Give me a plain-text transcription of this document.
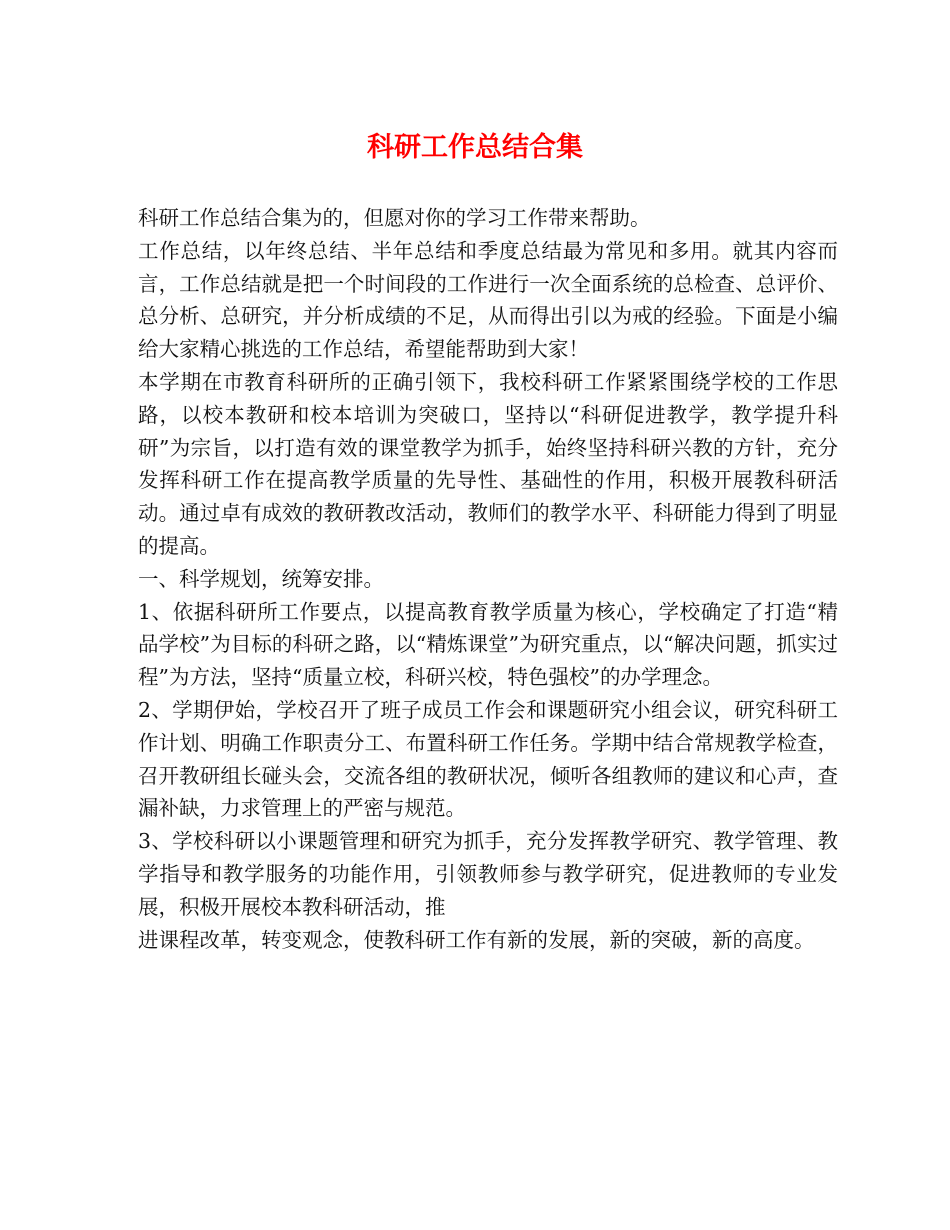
科研工作总结合集

科研工作总结合集为的，但愿对你的学习工作带来帮助。

工作总结，以年终总结、半年总结和季度总结最为常见和多用。就其内容而言，工作总结就是把一个时间段的工作进行一次全面系统的总检查、总评价、总分析、总研究，并分析成绩的不足，从而得出引以为戒的经验。下面是小编给大家精心挑选的工作总结，希望能帮助到大家！

本学期在市教育科研所的正确引领下，我校科研工作紧紧围绕学校的工作思路，以校本教研和校本培训为突破口，坚持以“科研促进教学，教学提升科研”为宗旨，以打造有效的课堂教学为抓手，始终坚持科研兴教的方针，充分发挥科研工作在提高教学质量的先导性、基础性的作用，积极开展教科研活动。通过卓有成效的教研教改活动，教师们的教学水平、科研能力得到了明显的提高。

一、科学规划，统筹安排。

1、依据科研所工作要点，以提高教育教学质量为核心，学校确定了打造“精品学校”为目标的科研之路，以“精炼课堂”为研究重点，以“解决问题，抓实过程”为方法，坚持“质量立校，科研兴校，特色强校”的办学理念。

2、学期伊始，学校召开了班子成员工作会和课题研究小组会议，研究科研工作计划、明确工作职责分工、布置科研工作任务。学期中结合常规教学检查，召开教研组长碰头会，交流各组的教研状况，倾听各组教师的建议和心声，查漏补缺，力求管理上的严密与规范。

3、学校科研以小课题管理和研究为抓手，充分发挥教学研究、教学管理、教学指导和教学服务的功能作用，引领教师参与教学研究，促进教师的专业发展，积极开展校本教科研活动，推

进课程改革，转变观念，使教科研工作有新的发展，新的突破，新的高度。
